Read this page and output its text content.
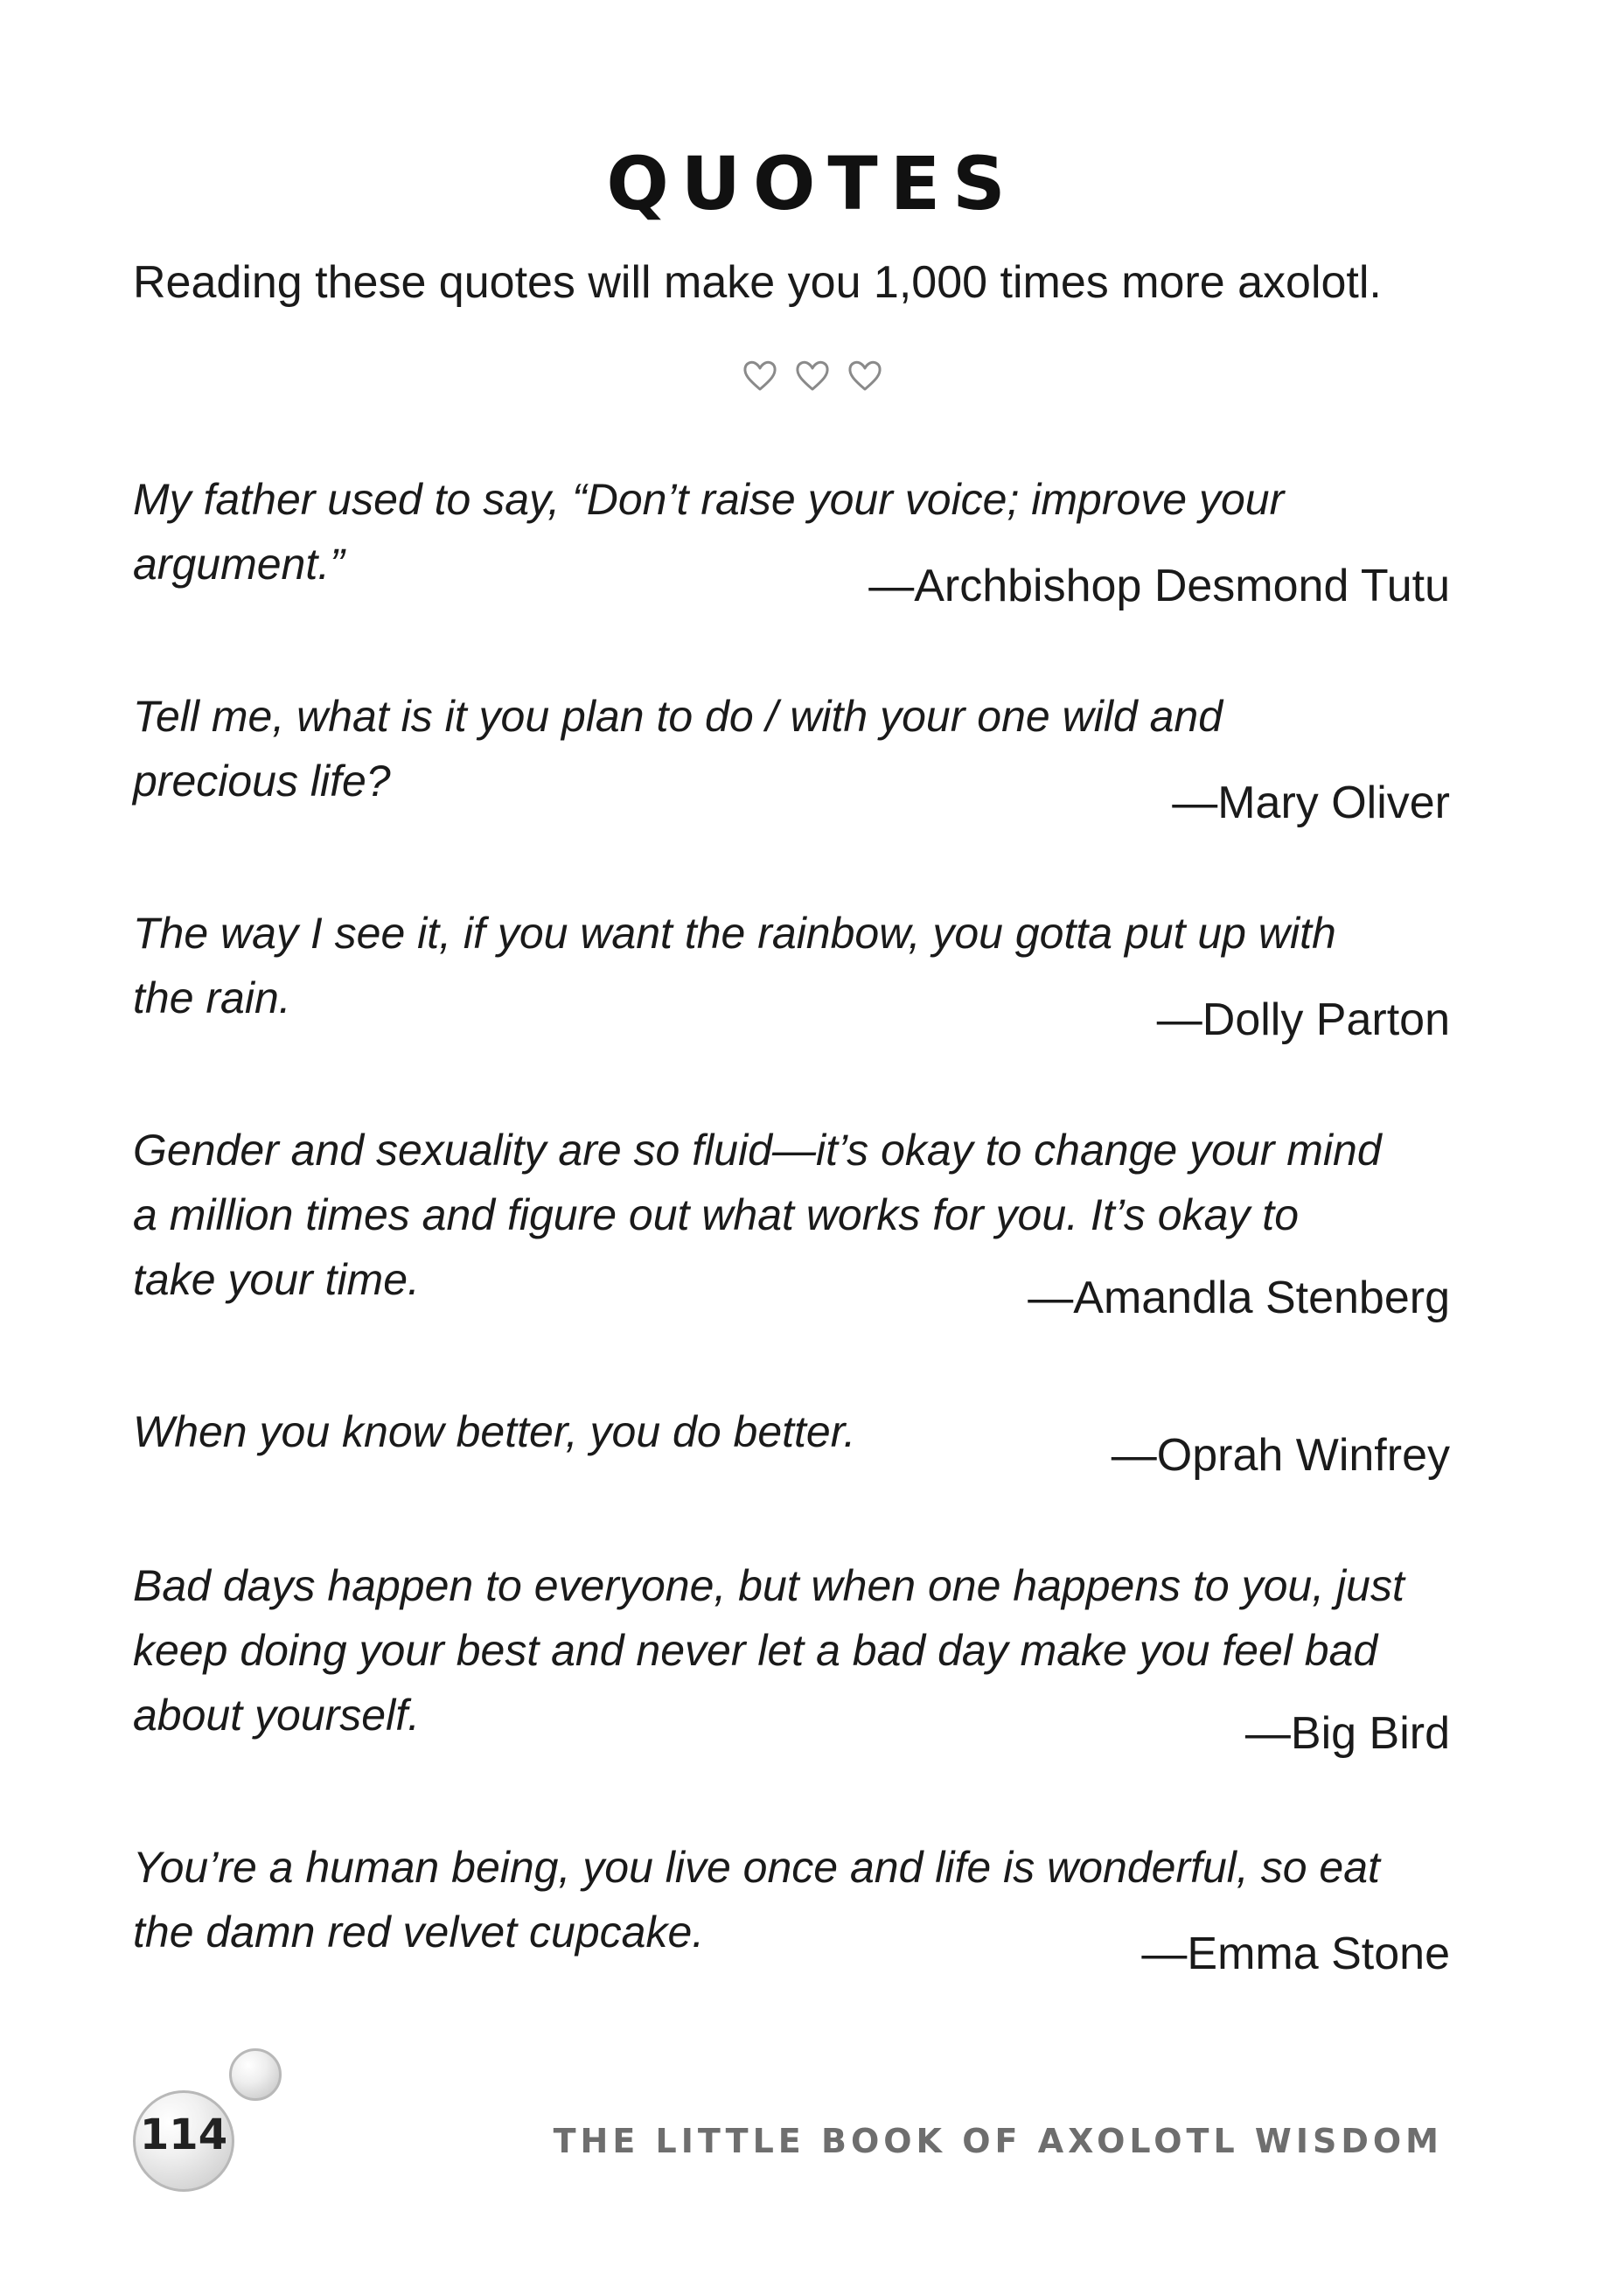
QUOTES
Reading these quotes will make you 1,000 times more axolotl.
My father used to say, “Don’t raise your voice; improve your
argument.”	—Archbishop Desmond Tutu
Tell me, what is it you plan to do / with your one wild and
precious life?	—Mary Oliver
The way I see it, if you want the rainbow, you gotta put up with
the rain.	—Dolly Parton
Gender and sexuality are so fluid—it’s okay to change your mind
a million times and figure out what works for you. It’s okay to
take your time.	—Amandla Stenberg
When you know better, you do better.	—Oprah Winfrey
Bad days happen to everyone, but when one happens to you, just
keep doing your best and never let a bad day make you feel bad
about yourself.	—Big Bird
You’re a human being, you live once and life is wonderful, so eat
the damn red velvet cupcake.	—Emma Stone
114	THE LITTLE BOOK OF AXOLOTL WISDOM
